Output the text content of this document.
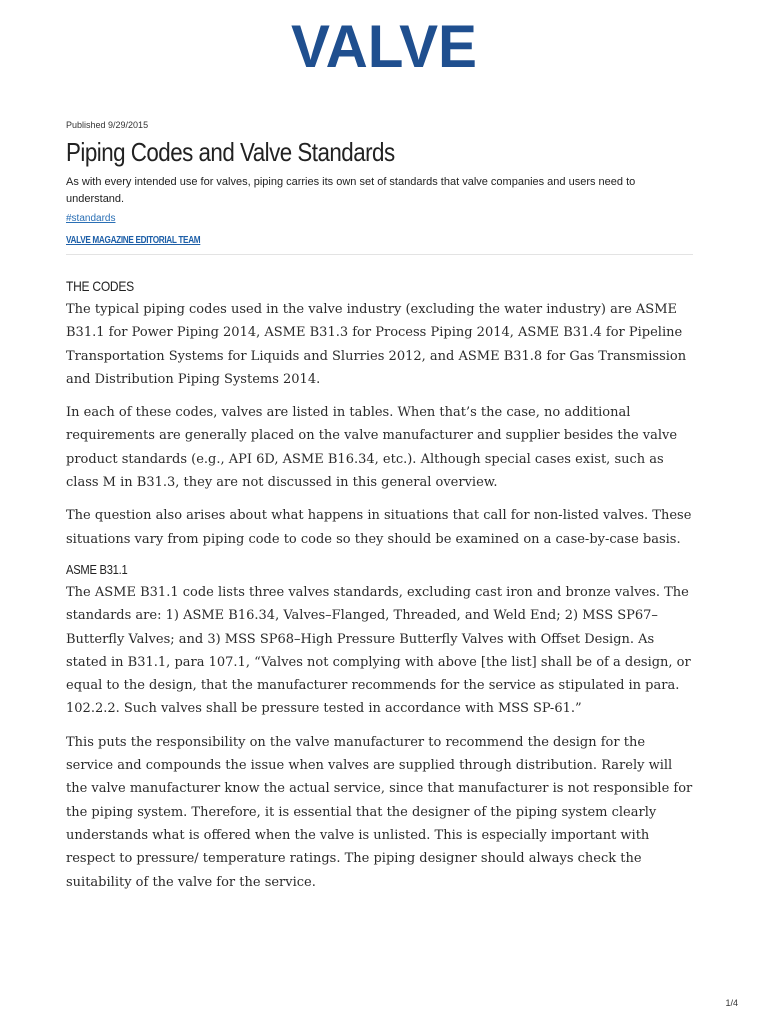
VALVE
Published 9/29/2015
Piping Codes and Valve Standards
As with every intended use for valves, piping carries its own set of standards that valve companies and users need to understand.
#standards
VALVE MAGAZINE EDITORIAL TEAM
THE CODES

The typical piping codes used in the valve industry (excluding the water industry) are ASME B31.1 for Power Piping 2014, ASME B31.3 for Process Piping 2014, ASME B31.4 for Pipeline Transportation Systems for Liquids and Slurries 2012, and ASME B31.8 for Gas Transmission and Distribution Piping Systems 2014.

In each of these codes, valves are listed in tables. When that’s the case, no additional requirements are generally placed on the valve manufacturer and supplier besides the valve product standards (e.g., API 6D, ASME B16.34, etc.). Although special cases exist, such as class M in B31.3, they are not discussed in this general overview.

The question also arises about what happens in situations that call for non-listed valves. These situations vary from piping code to code so they should be examined on a case-by-case basis.

ASME B31.1

The ASME B31.1 code lists three valves standards, excluding cast iron and bronze valves. The standards are: 1) ASME B16.34, Valves–Flanged, Threaded, and Weld End; 2) MSS SP67–Butterfly Valves; and 3) MSS SP68–High Pressure Butterfly Valves with Offset Design. As stated in B31.1, para 107.1, “Valves not complying with above [the list] shall be of a design, or equal to the design, that the manufacturer recommends for the service as stipulated in para. 102.2.2. Such valves shall be pressure tested in accordance with MSS SP-61.”

This puts the responsibility on the valve manufacturer to recommend the design for the service and compounds the issue when valves are supplied through distribution. Rarely will the valve manufacturer know the actual service, since that manufacturer is not responsible for the piping system. Therefore, it is essential that the designer of the piping system clearly understands what is offered when the valve is unlisted. This is especially important with respect to pressure/ temperature ratings. The piping designer should always check the suitability of the valve for the service.

1/4
